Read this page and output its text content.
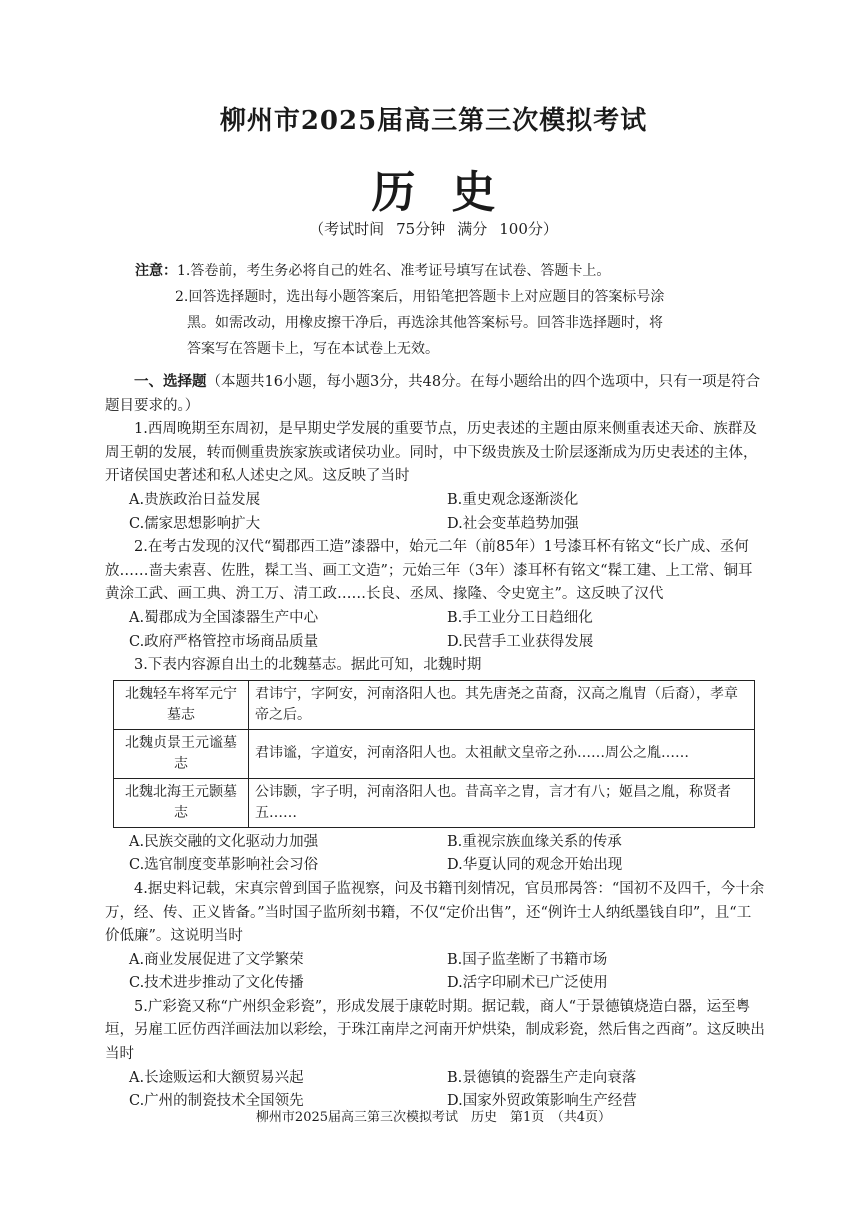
柳州市2025届高三第三次模拟考试
历史
（考试时间 75分钟 满分 100分）
注意：1.答卷前，考生务必将自己的姓名、准考证号填写在试卷、答题卡上。
2.回答选择题时，选出每小题答案后，用铅笔把答题卡上对应题目的答案标号涂
黑。如需改动，用橡皮擦干净后，再选涂其他答案标号。回答非选择题时，将
答案写在答题卡上，写在本试卷上无效。

一、选择题（本题共16小题，每小题3分，共48分。在每小题给出的四个选项中，只有一项是符合题目要求的。）

1.西周晚期至东周初，是早期史学发展的重要节点，历史表述的主题由原来侧重表述天命、族群及周王朝的发展，转而侧重贵族家族或诸侯功业。同时，中下级贵族及士阶层逐渐成为历史表述的主体，开诸侯国史著述和私人述史之风。这反映了当时

A.贵族政治日益发展	B.重史观念逐渐淡化
C.儒家思想影响扩大	D.社会变革趋势加强

2.在考古发现的汉代“蜀郡西工造”漆器中，始元二年（前85年）1号漆耳杯有铭文“长广成、丞何放……啬夫索喜、佐胜，髹工当、画工文造”；元始三年（3年）漆耳杯有铭文“髹工建、上工常、铜耳黄涂工武、画工典、洀工万、清工政……长良、丞凤、掾隆、令史宽主”。这反映了汉代

A.蜀郡成为全国漆器生产中心	B.手工业分工日趋细化
C.政府严格管控市场商品质量	D.民营手工业获得发展

3.下表内容源自出土的北魏墓志。据此可知，北魏时期

北魏轻车将军元宁墓志	君讳宁，字阿安，河南洛阳人也。其先唐尧之苗裔，汉高之胤胄（后裔），孝章帝之后。
北魏贞景王元谧墓志	君讳谧，字道安，河南洛阳人也。太祖献文皇帝之孙……周公之胤……
北魏北海王元颢墓志	公讳颢，字子明，河南洛阳人也。昔高辛之胄，言才有八；姬昌之胤，称贤者五……
A.民族交融的文化驱动力加强	B.重视宗族血缘关系的传承
C.选官制度变革影响社会习俗	D.华夏认同的观念开始出现

4.据史料记载，宋真宗曾到国子监视察，问及书籍刊刻情况，官员邢昺答：“国初不及四千，今十余万，经、传、正义皆备。”当时国子监所刻书籍，不仅“定价出售”，还“例许士人纳纸墨钱自印”，且“工价低廉”。这说明当时

A.商业发展促进了文学繁荣	B.国子监垄断了书籍市场
C.技术进步推动了文化传播	D.活字印刷术已广泛使用

5.广彩瓷又称“广州织金彩瓷”，形成发展于康乾时期。据记载，商人“于景德镇烧造白器，运至粤垣，另雇工匠仿西洋画法加以彩绘，于珠江南岸之河南开炉烘染，制成彩瓷，然后售之西商”。这反映出当时

A.长途贩运和大额贸易兴起	B.景德镇的瓷器生产走向衰落
C.广州的制瓷技术全国领先	D.国家外贸政策影响生产经营
柳州市2025届高三第三次模拟考试　历史　第1页　（共4页）
